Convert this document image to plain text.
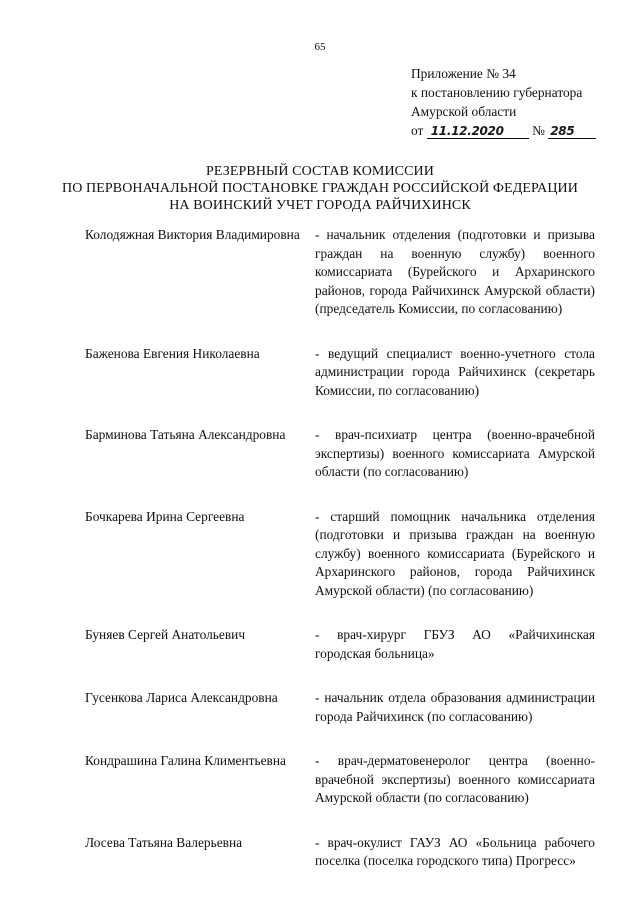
65
Приложение № 34
к постановлению губернатора
Амурской области
от 11.12.2020 № 285
РЕЗЕРВНЫЙ СОСТАВ КОМИССИИ
ПО ПЕРВОНАЧАЛЬНОЙ ПОСТАНОВКЕ ГРАЖДАН РОССИЙСКОЙ ФЕДЕРАЦИИ
НА ВОИНСКИЙ УЧЕТ ГОРОДА РАЙЧИХИНСК
Колодяжная Виктория Владимировна	- начальник отделения (подготовки и призыва граждан на военную службу) военного комиссариата (Бурейского и Архаринского районов, города Райчихинск Амурской области) (председатель Комиссии, по согласованию)
Баженова Евгения Николаевна	- ведущий специалист военно-учетного стола администрации города Райчихинск (секретарь Комиссии, по согласованию)
Барминова Татьяна Александровна	- врач-психиатр центра (военно-врачебной экспертизы) военного комиссариата Амурской области (по согласованию)
Бочкарева Ирина Сергеевна	- старший помощник начальника отделения (подготовки и призыва граждан на военную службу) военного комиссариата (Бурейского и Архаринского районов, города Райчихинск Амурской области) (по согласованию)
Буняев Сергей Анатольевич	- врач-хирург ГБУЗ АО «Райчихинская городская больница»
Гусенкова Лариса Александровна	- начальник отдела образования администрации города Райчихинск (по согласованию)
Кондрашина Галина Климентьевна	- врач-дерматовенеролог центра (военно-врачебной экспертизы) военного комиссариата Амурской области (по согласованию)
Лосева Татьяна Валерьевна	- врач-окулист ГАУЗ АО «Больница рабочего поселка (поселка городского типа) Прогресс»
